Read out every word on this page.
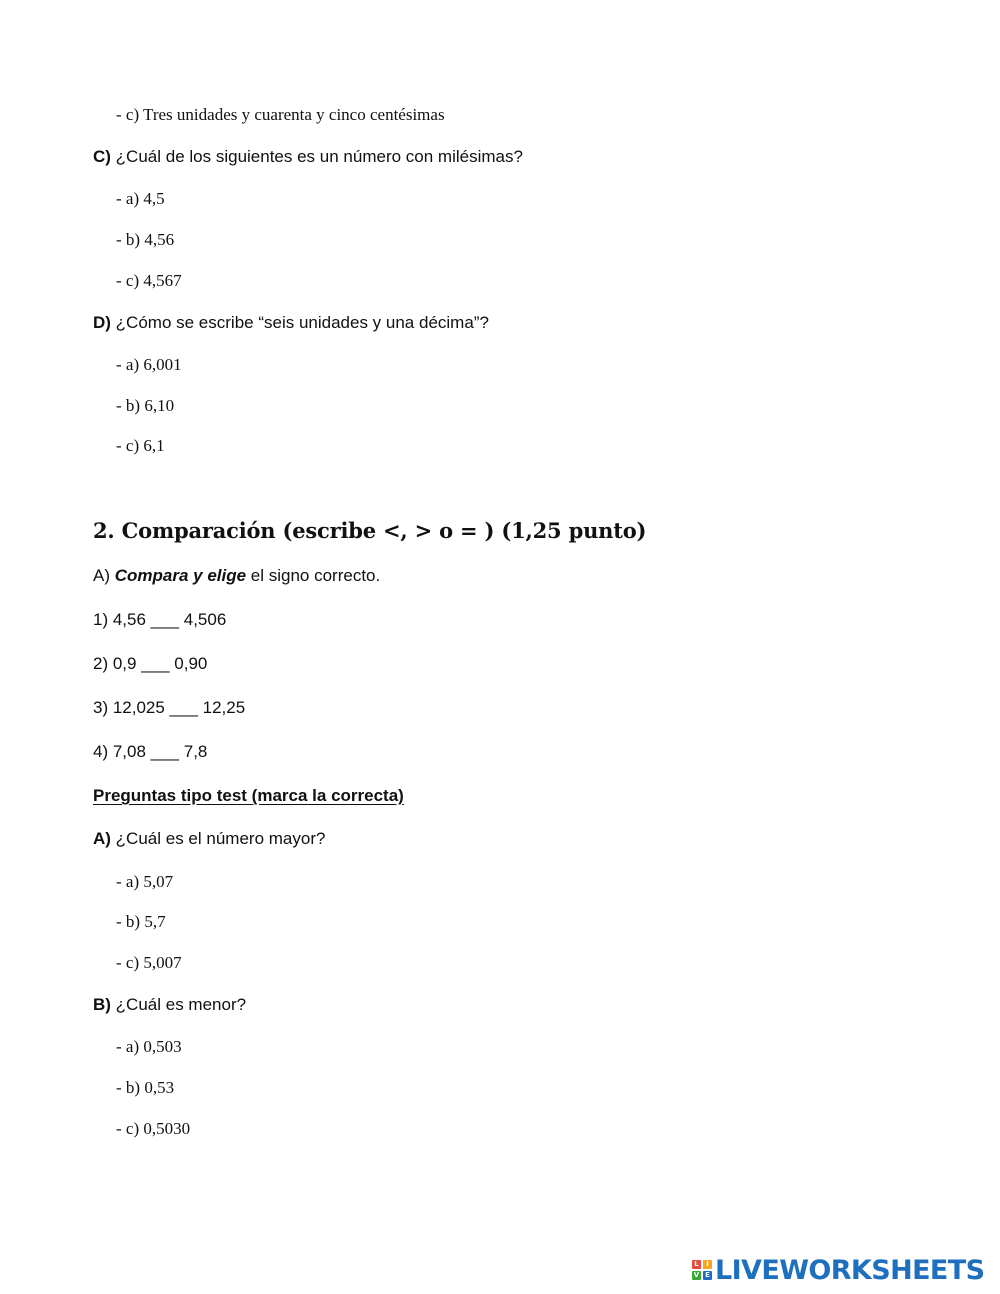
- c) Tres unidades y cuarenta y cinco centésimas
C) ¿Cuál de los siguientes es un número con milésimas?
- a) 4,5
- b) 4,56
- c) 4,567
D) ¿Cómo se escribe “seis unidades y una décima”?
- a) 6,001
- b) 6,10
- c) 6,1
2. Comparación (escribe <, > o = ) (1,25 punto)
A) Compara y elige el signo correcto.
1) 4,56 ___ 4,506
2) 0,9 ___ 0,90
3) 12,025 ___ 12,25
4) 7,08 ___ 7,8
Preguntas tipo test (marca la correcta)
A) ¿Cuál es el número mayor?
- a) 5,07
- b) 5,7
- c) 5,007
B) ¿Cuál es menor?
- a) 0,503
- b) 0,53
- c) 0,5030
L	I
V E LIVEWORKSHEETS
